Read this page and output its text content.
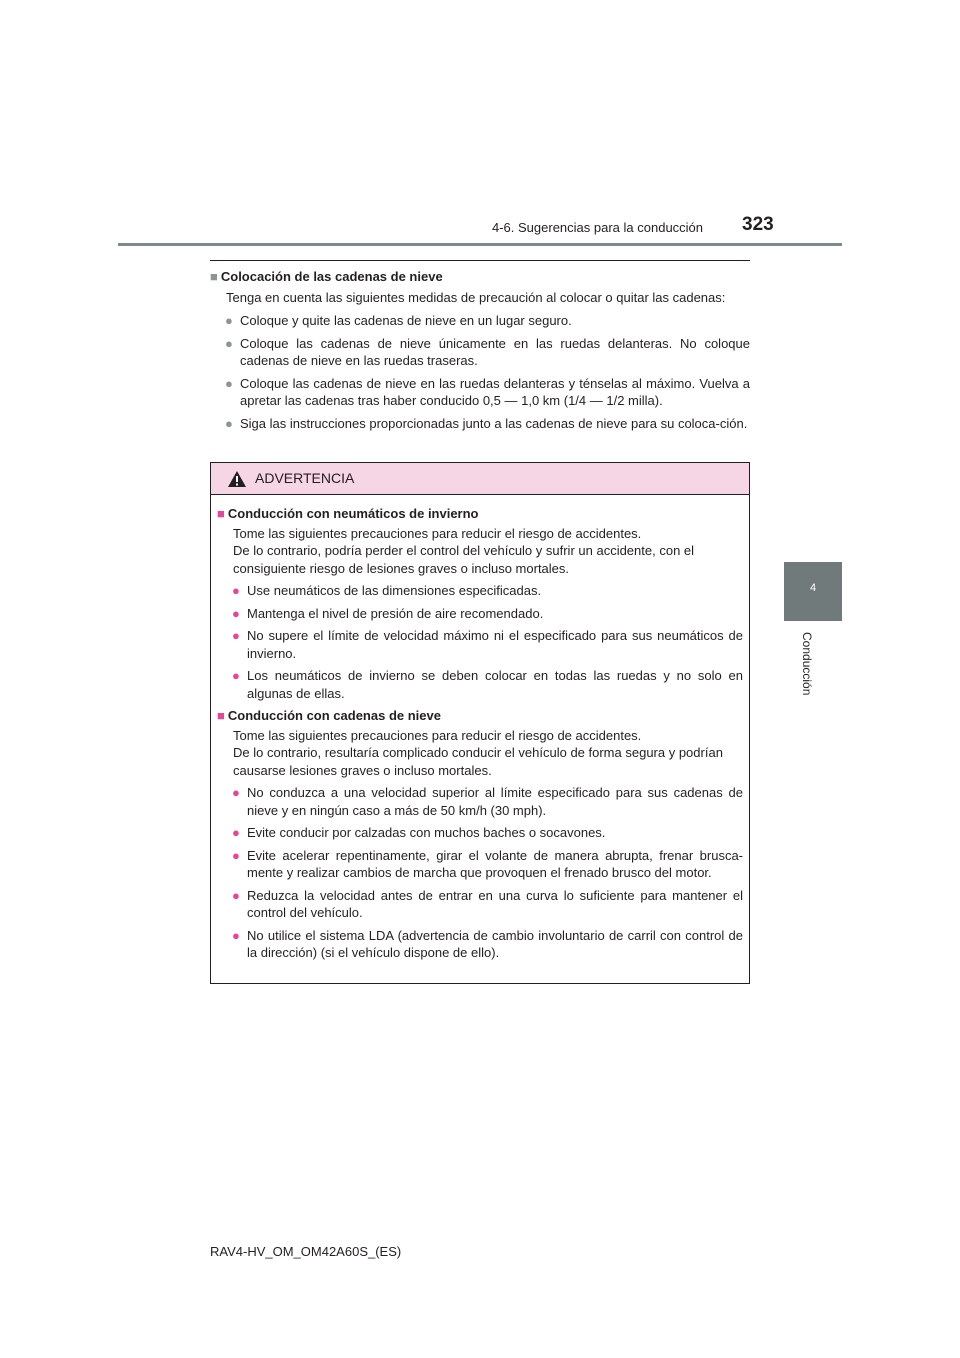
4-6. Sugerencias para la conducción 323
4
Conducción
■ Colocación de las cadenas de nieve
Tenga en cuenta las siguientes medidas de precaución al colocar o quitar las cadenas:
● Coloque y quite las cadenas de nieve en un lugar seguro.
● Coloque las cadenas de nieve únicamente en las ruedas delanteras. No coloque cadenas de nieve en las ruedas traseras.
● Coloque las cadenas de nieve en las ruedas delanteras y ténselas al máximo. Vuelva a apretar las cadenas tras haber conducido 0,5 — 1,0 km (1/4 — 1/2 milla).
● Siga las instrucciones proporcionadas junto a las cadenas de nieve para su coloca-ción.
ADVERTENCIA
■ Conducción con neumáticos de invierno
Tome las siguientes precauciones para reducir el riesgo de accidentes.
De lo contrario, podría perder el control del vehículo y sufrir un accidente, con el consiguiente riesgo de lesiones graves o incluso mortales.
● Use neumáticos de las dimensiones especificadas.
● Mantenga el nivel de presión de aire recomendado.
● No supere el límite de velocidad máximo ni el especificado para sus neumáticos de invierno.
● Los neumáticos de invierno se deben colocar en todas las ruedas y no solo en algunas de ellas.
■ Conducción con cadenas de nieve
Tome las siguientes precauciones para reducir el riesgo de accidentes.
De lo contrario, resultaría complicado conducir el vehículo de forma segura y podrían causarse lesiones graves o incluso mortales.
● No conduzca a una velocidad superior al límite especificado para sus cadenas de nieve y en ningún caso a más de 50 km/h (30 mph).
● Evite conducir por calzadas con muchos baches o socavones.
● Evite acelerar repentinamente, girar el volante de manera abrupta, frenar brusca-mente y realizar cambios de marcha que provoquen el frenado brusco del motor.
● Reduzca la velocidad antes de entrar en una curva lo suficiente para mantener el control del vehículo.
● No utilice el sistema LDA (advertencia de cambio involuntario de carril con control de la dirección) (si el vehículo dispone de ello).
RAV4-HV_OM_OM42A60S_(ES)
